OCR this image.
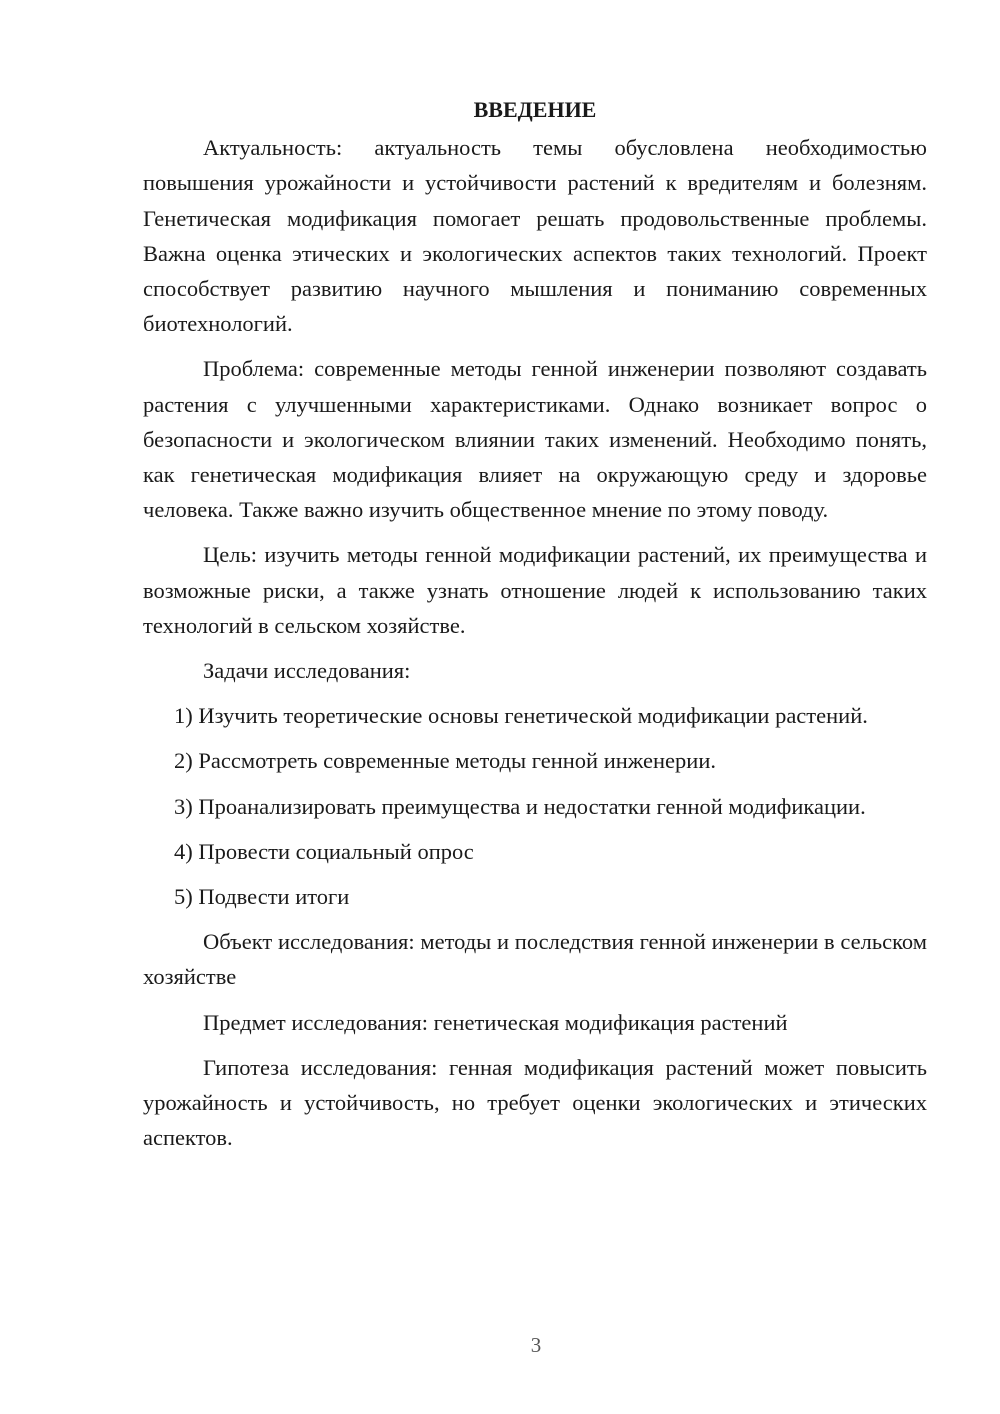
ВВЕДЕНИЕ

Актуальность: актуальность темы обусловлена необходимостью повышения урожайности и устойчивости растений к вредителям и болезням. Генетическая модификация помогает решать продовольственные проблемы. Важна оценка этических и экологических аспектов таких технологий. Проект способствует развитию научного мышления и пониманию современных биотехнологий.

Проблема: современные методы генной инженерии позволяют создавать растения с улучшенными характеристиками. Однако возникает вопрос о безопасности и экологическом влиянии таких изменений. Необходимо понять, как генетическая модификация влияет на окружающую среду и здоровье человека. Также важно изучить общественное мнение по этому поводу.

Цель: изучить методы генной модификации растений, их преимущества и возможные риски, а также узнать отношение людей к использованию таких технологий в сельском хозяйстве.

Задачи исследования:

1) Изучить теоретические основы генетической модификации растений.

2) Рассмотреть современные методы генной инженерии.

3) Проанализировать преимущества и недостатки генной модификации.

4) Провести социальный опрос

5) Подвести итоги

Объект исследования: методы и последствия генной инженерии в сельском хозяйстве

Предмет исследования: генетическая модификация растений

Гипотеза исследования: генная модификация растений может повысить урожайность и устойчивость, но требует оценки экологических и этических аспектов.

3
